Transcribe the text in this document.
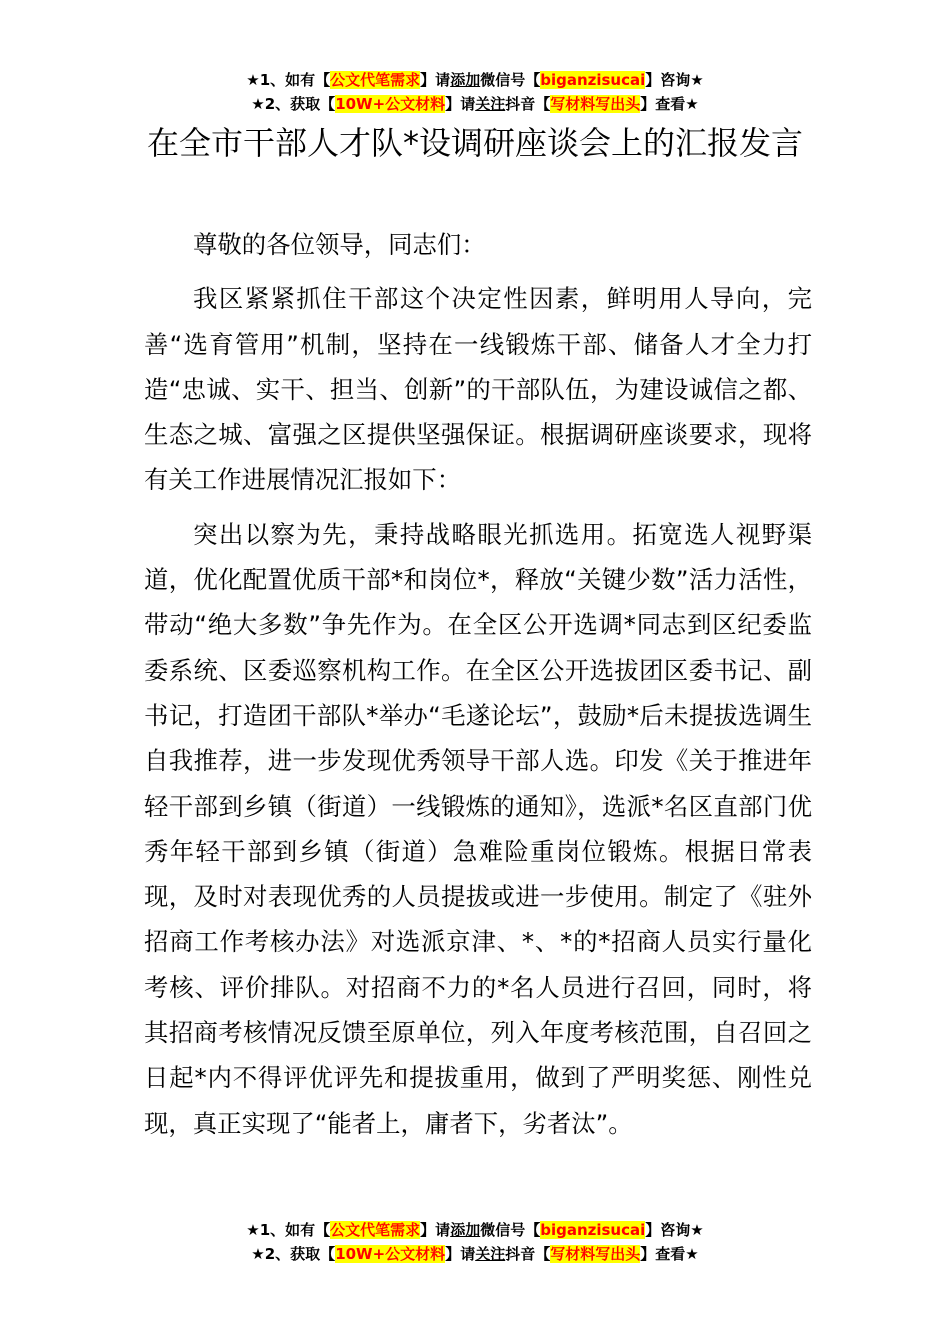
★1、如有【公文代笔需求】请添加微信号【biganzisucai】咨询★
★2、获取【10W+公文材料】请关注抖音【写材料写出头】查看★
在全市干部人才队*设调研座谈会上的汇报发言

尊敬的各位领导，同志们：

我区紧紧抓住干部这个决定性因素，鲜明用人导向，完善“选育管用”机制，坚持在一线锻炼干部、储备人才全力打造“忠诚、实干、担当、创新”的干部队伍，为建设诚信之都、生态之城、富强之区提供坚强保证。根据调研座谈要求，现将有关工作进展情况汇报如下：

突出以察为先，秉持战略眼光抓选用。拓宽选人视野渠道，优化配置优质干部*和岗位*，释放“关键少数”活力活性，带动“绝大多数”争先作为。在全区公开选调*同志到区纪委监委系统、区委巡察机构工作。在全区公开选拔团区委书记、副书记，打造团干部队*举办“毛遂论坛”，鼓励*后未提拔选调生自我推荐，进一步发现优秀领导干部人选。印发《关于推进年轻干部到乡镇（街道）一线锻炼的通知》，选派*名区直部门优秀年轻干部到乡镇（街道）急难险重岗位锻炼。根据日常表现，及时对表现优秀的人员提拔或进一步使用。制定了《驻外招商工作考核办法》对选派京津、*、*的*招商人员实行量化考核、评价排队。对招商不力的*名人员进行召回，同时，将其招商考核情况反馈至原单位，列入年度考核范围，自召回之日起*内不得评优评先和提拔重用，做到了严明奖惩、刚性兑现，真正实现了“能者上，庸者下，劣者汰”。

★1、如有【公文代笔需求】请添加微信号【biganzisucai】咨询★
★2、获取【10W+公文材料】请关注抖音【写材料写出头】查看★
